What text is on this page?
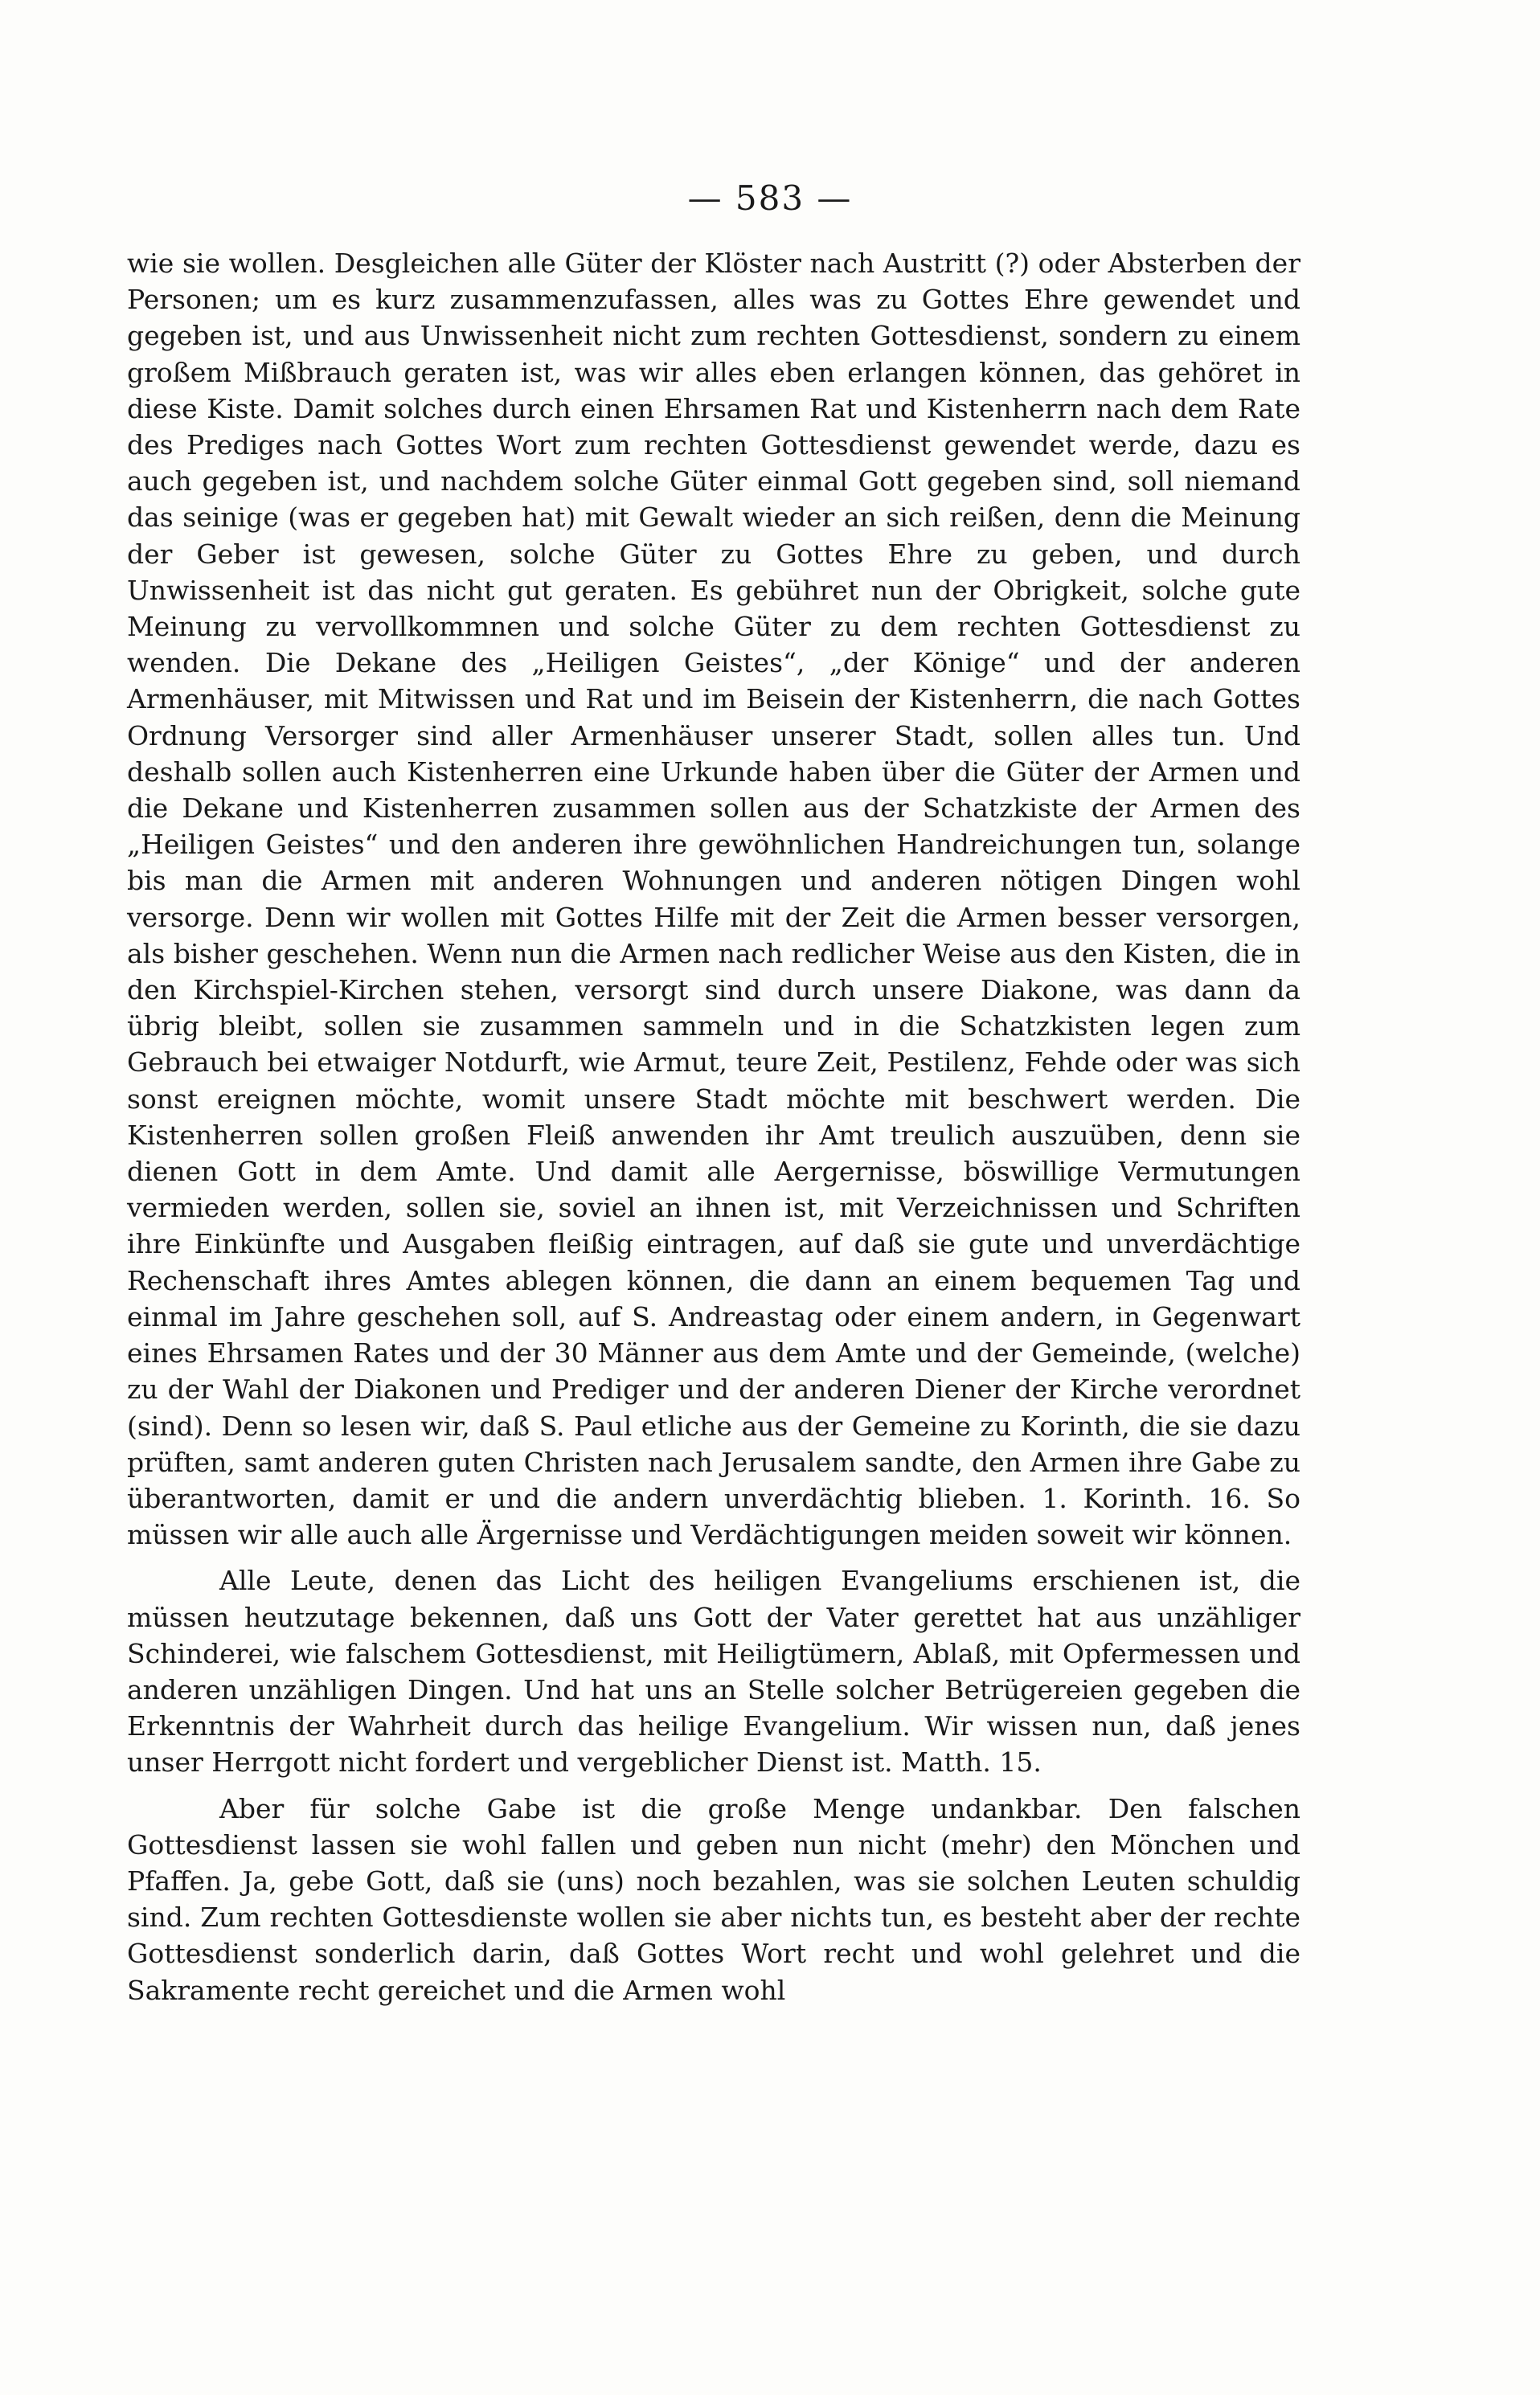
— 583 —

wie sie wollen. Desgleichen alle Güter der Klöster nach Austritt (?) oder Absterben der Personen; um es kurz zusammenzufassen, alles was zu Gottes Ehre gewendet und gegeben ist, und aus Unwissenheit nicht zum rechten Gottesdienst, sondern zu einem großem Mißbrauch geraten ist, was wir alles eben erlangen können, das gehöret in diese Kiste. Damit solches durch einen Ehrsamen Rat und Kistenherrn nach dem Rate des Prediges nach Gottes Wort zum rechten Gottesdienst gewendet werde, dazu es auch gegeben ist, und nachdem solche Güter einmal Gott gegeben sind, soll niemand das seinige (was er gegeben hat) mit Gewalt wieder an sich reißen, denn die Meinung der Geber ist gewesen, solche Güter zu Gottes Ehre zu geben, und durch Unwissenheit ist das nicht gut geraten. Es gebühret nun der Obrigkeit, solche gute Meinung zu vervollkommnen und solche Güter zu dem rechten Gottesdienst zu wenden. Die Dekane des „Heiligen Geistes“, „der Könige“ und der anderen Armenhäuser, mit Mitwissen und Rat und im Beisein der Kistenherrn, die nach Gottes Ordnung Versorger sind aller Armenhäuser unserer Stadt, sollen alles tun. Und deshalb sollen auch Kistenherren eine Urkunde haben über die Güter der Armen und die Dekane und Kistenherren zusammen sollen aus der Schatzkiste der Armen des „Heiligen Geistes“ und den anderen ihre gewöhnlichen Handreichungen tun, solange bis man die Armen mit anderen Wohnungen und anderen nötigen Dingen wohl versorge. Denn wir wollen mit Gottes Hilfe mit der Zeit die Armen besser versorgen, als bisher geschehen. Wenn nun die Armen nach redlicher Weise aus den Kisten, die in den Kirchspiel-Kirchen stehen, versorgt sind durch unsere Diakone, was dann da übrig bleibt, sollen sie zusammen sammeln und in die Schatzkisten legen zum Gebrauch bei etwaiger Notdurft, wie Armut, teure Zeit, Pestilenz, Fehde oder was sich sonst ereignen möchte, womit unsere Stadt möchte mit beschwert werden. Die Kistenherren sollen großen Fleiß anwenden ihr Amt treulich auszuüben, denn sie dienen Gott in dem Amte. Und damit alle Aergernisse, böswillige Vermutungen vermieden werden, sollen sie, soviel an ihnen ist, mit Verzeichnissen und Schriften ihre Einkünfte und Ausgaben fleißig eintragen, auf daß sie gute und unverdächtige Rechenschaft ihres Amtes ablegen können, die dann an einem bequemen Tag und einmal im Jahre geschehen soll, auf S. Andreastag oder einem andern, in Gegenwart eines Ehrsamen Rates und der 30 Männer aus dem Amte und der Gemeinde, (welche) zu der Wahl der Diakonen und Prediger und der anderen Diener der Kirche verordnet (sind). Denn so lesen wir, daß S. Paul etliche aus der Gemeine zu Korinth, die sie dazu prüften, samt anderen guten Christen nach Jerusalem sandte, den Armen ihre Gabe zu überantworten, damit er und die andern unverdächtig blieben. 1. Korinth. 16. So müssen wir alle auch alle Ärgernisse und Verdächtigungen meiden soweit wir können.

Alle Leute, denen das Licht des heiligen Evangeliums erschienen ist, die müssen heutzutage bekennen, daß uns Gott der Vater gerettet hat aus unzähliger Schinderei, wie falschem Gottesdienst, mit Heiligtümern, Ablaß, mit Opfermessen und anderen unzähligen Dingen. Und hat uns an Stelle solcher Betrügereien gegeben die Erkenntnis der Wahrheit durch das heilige Evangelium. Wir wissen nun, daß jenes unser Herrgott nicht fordert und vergeblicher Dienst ist. Matth. 15.

Aber für solche Gabe ist die große Menge undankbar. Den falschen Gottesdienst lassen sie wohl fallen und geben nun nicht (mehr) den Mönchen und Pfaffen. Ja, gebe Gott, daß sie (uns) noch bezahlen, was sie solchen Leuten schuldig sind. Zum rechten Gottesdienste wollen sie aber nichts tun, es besteht aber der rechte Gottesdienst sonderlich darin, daß Gottes Wort recht und wohl gelehret und die Sakramente recht gereichet und die Armen wohl
